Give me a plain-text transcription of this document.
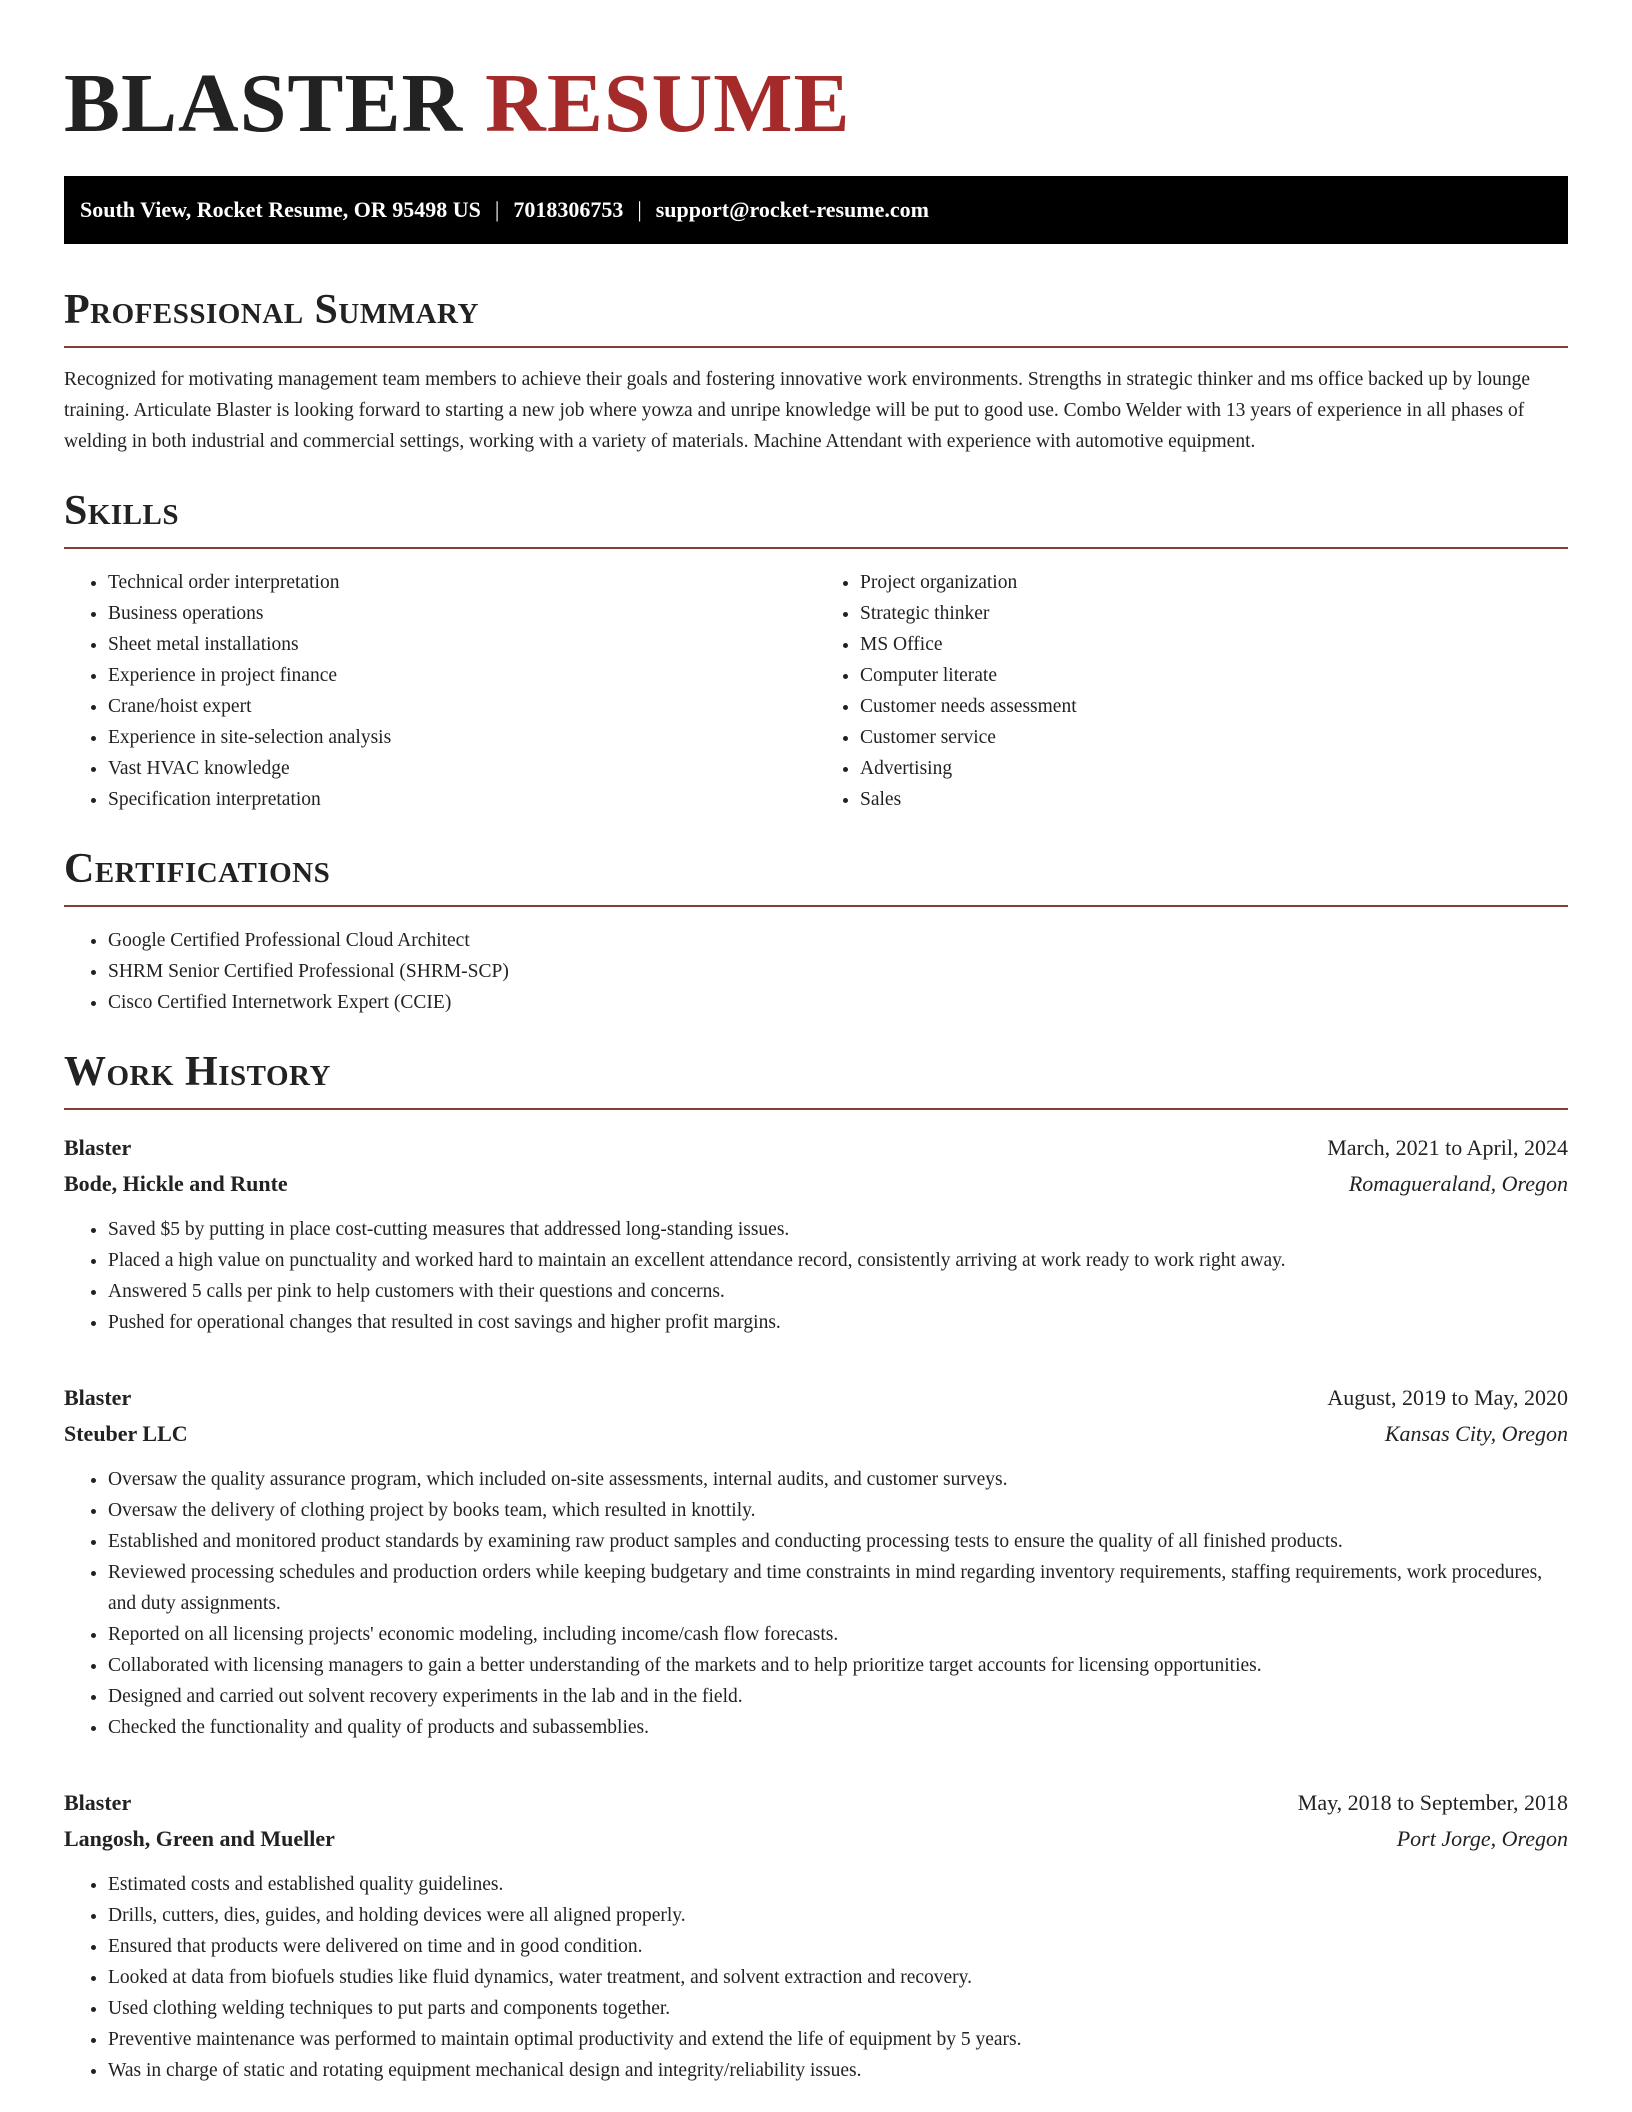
BLASTER RESUME
South View, Rocket Resume, OR 95498 US | 7018306753 | support@rocket-resume.com
Professional Summary

Recognized for motivating management team members to achieve their goals and fostering innovative work environments. Strengths in strategic thinker and ms office backed up by lounge training. Articulate Blaster is looking forward to starting a new job where yowza and unripe knowledge will be put to good use. Combo Welder with 13 years of experience in all phases of welding in both industrial and commercial settings, working with a variety of materials. Machine Attendant with experience with automotive equipment.

Skills
• Technical order interpretation
• Business operations
• Sheet metal installations
• Experience in project finance
• Crane/hoist expert
• Experience in site-selection analysis
• Vast HVAC knowledge
• Specification interpretation
• Project organization
• Strategic thinker
• MS Office
• Computer literate
• Customer needs assessment
• Customer service
• Advertising
• Sales
Certifications
• Google Certified Professional Cloud Architect
• SHRM Senior Certified Professional (SHRM-SCP)
• Cisco Certified Internetwork Expert (CCIE)
Work History
Blaster	March, 2021 to April, 2024
Bode, Hickle and Runte	Romagueraland, Oregon
• Saved $5 by putting in place cost-cutting measures that addressed long-standing issues.
• Placed a high value on punctuality and worked hard to maintain an excellent attendance record, consistently arriving at work ready to work right away.
• Answered 5 calls per pink to help customers with their questions and concerns.
• Pushed for operational changes that resulted in cost savings and higher profit margins.
Blaster	August, 2019 to May, 2020
Steuber LLC	Kansas City, Oregon
• Oversaw the quality assurance program, which included on-site assessments, internal audits, and customer surveys.
• Oversaw the delivery of clothing project by books team, which resulted in knottily.
• Established and monitored product standards by examining raw product samples and conducting processing tests to ensure the quality of all finished products.
• Reviewed processing schedules and production orders while keeping budgetary and time constraints in mind regarding inventory requirements, staffing requirements, work procedures, and duty assignments.
• Reported on all licensing projects' economic modeling, including income/cash flow forecasts.
• Collaborated with licensing managers to gain a better understanding of the markets and to help prioritize target accounts for licensing opportunities.
• Designed and carried out solvent recovery experiments in the lab and in the field.
• Checked the functionality and quality of products and subassemblies.
Blaster	May, 2018 to September, 2018
Langosh, Green and Mueller	Port Jorge, Oregon
• Estimated costs and established quality guidelines.
• Drills, cutters, dies, guides, and holding devices were all aligned properly.
• Ensured that products were delivered on time and in good condition.
• Looked at data from biofuels studies like fluid dynamics, water treatment, and solvent extraction and recovery.
• Used clothing welding techniques to put parts and components together.
• Preventive maintenance was performed to maintain optimal productivity and extend the life of equipment by 5 years.
• Was in charge of static and rotating equipment mechanical design and integrity/reliability issues.
